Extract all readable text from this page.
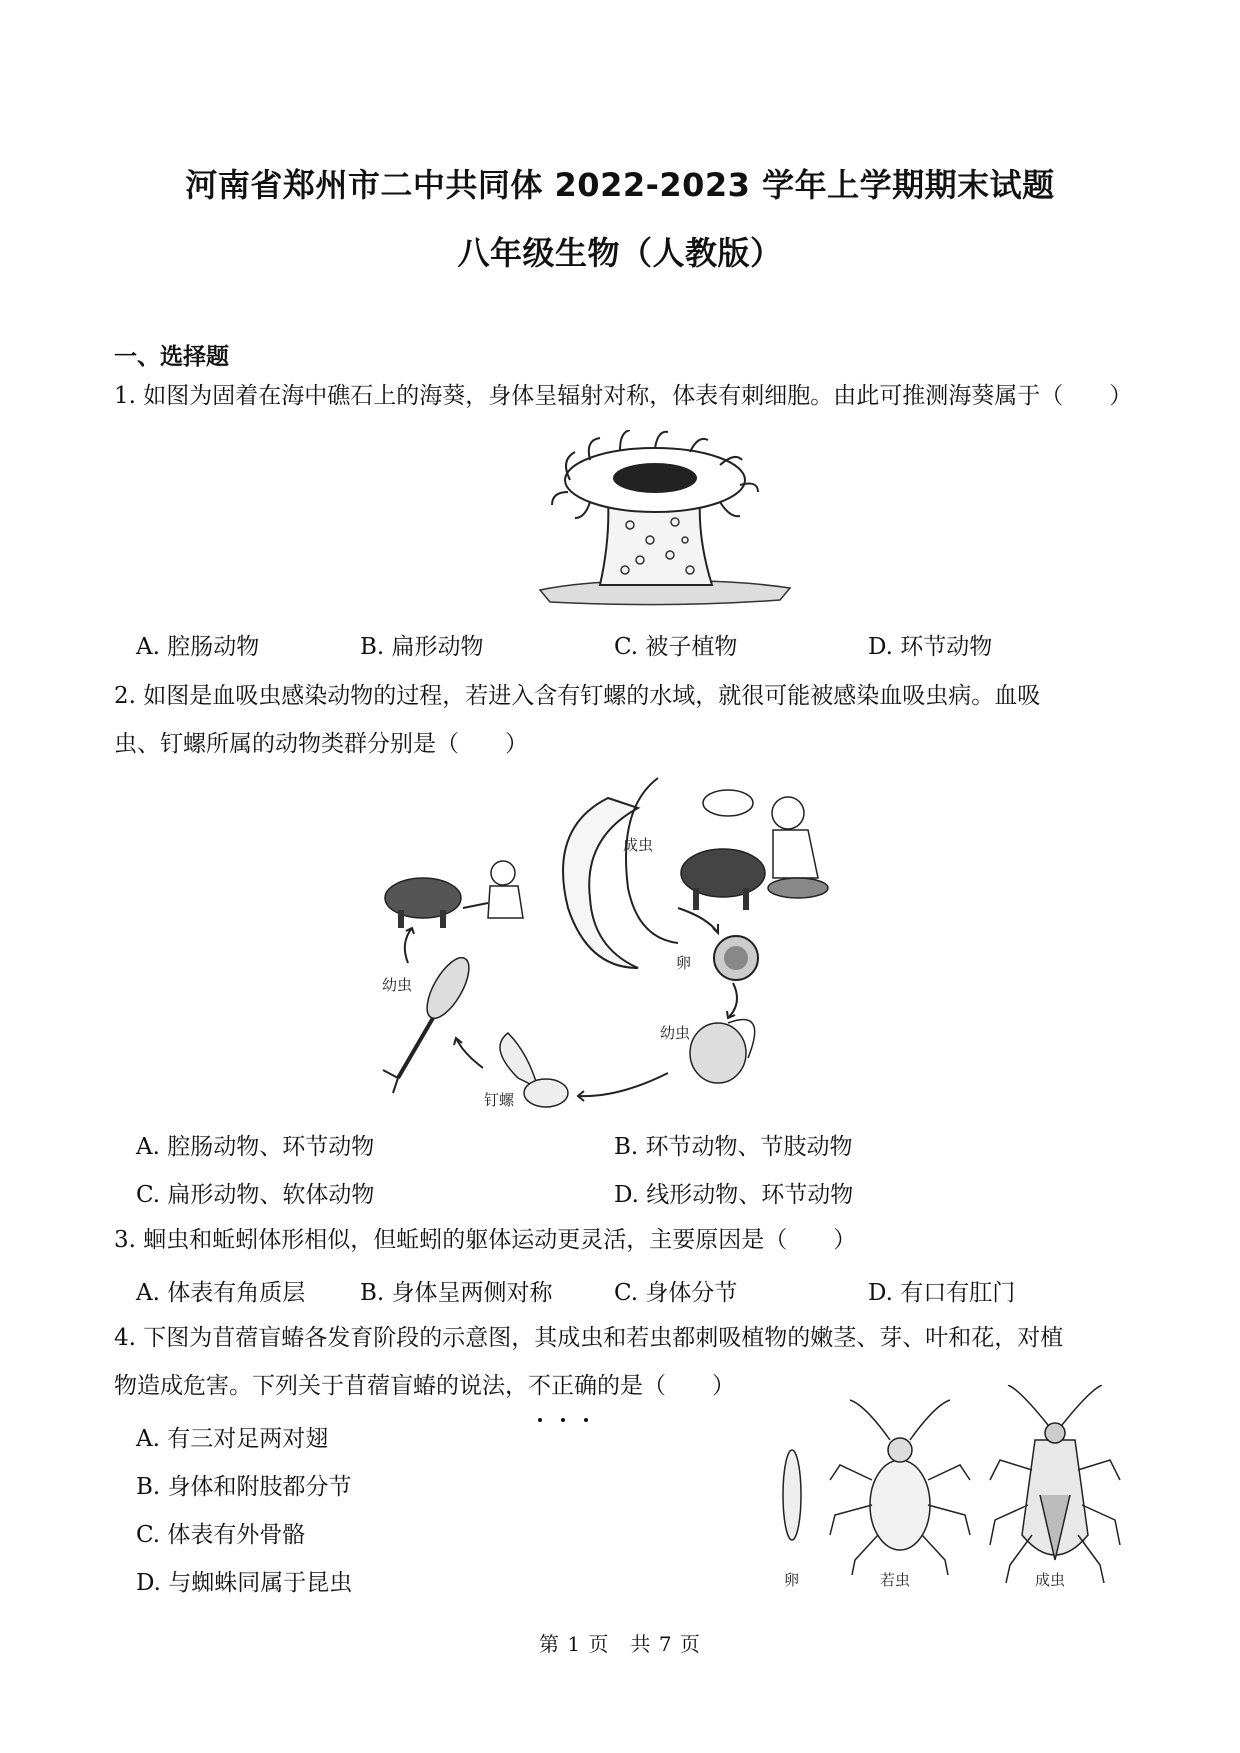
河南省郑州市二中共同体 2022-2023 学年上学期期末试题
八年级生物（人教版）
一、选择题
1. 如图为固着在海中礁石上的海葵，身体呈辐射对称，体表有刺细胞。由此可推测海葵属于（　　）
A. 腔肠动物	B. 扁形动物	C. 被子植物	D. 环节动物
2. 如图是血吸虫感染动物的过程，若进入含有钉螺的水域，就很可能被感染血吸虫病。血吸
虫、钉螺所属的动物类群分别是（　　）
成虫
卵
幼虫
钉螺
幼虫
A. 腔肠动物、环节动物	B. 环节动物、节肢动物
C. 扁形动物、软体动物	D. 线形动物、环节动物
3. 蛔虫和蚯蚓体形相似，但蚯蚓的躯体运动更灵活，主要原因是（　　）
A. 体表有角质层 B. 身体呈两侧对称	C. 身体分节	D. 有口有肛门
4. 下图为苜蓿盲蝽各发育阶段的示意图，其成虫和若虫都刺吸植物的嫩茎、芽、叶和花，对植
物造成危害。下列关于苜蓿盲蝽的说法，不正确的是（　　）
A. 有三对足两对翅
B. 身体和附肢都分节
C. 体表有外骨骼
D. 与蜘蛛同属于昆虫	卵	若虫	成虫
第 1 页　共 7 页
